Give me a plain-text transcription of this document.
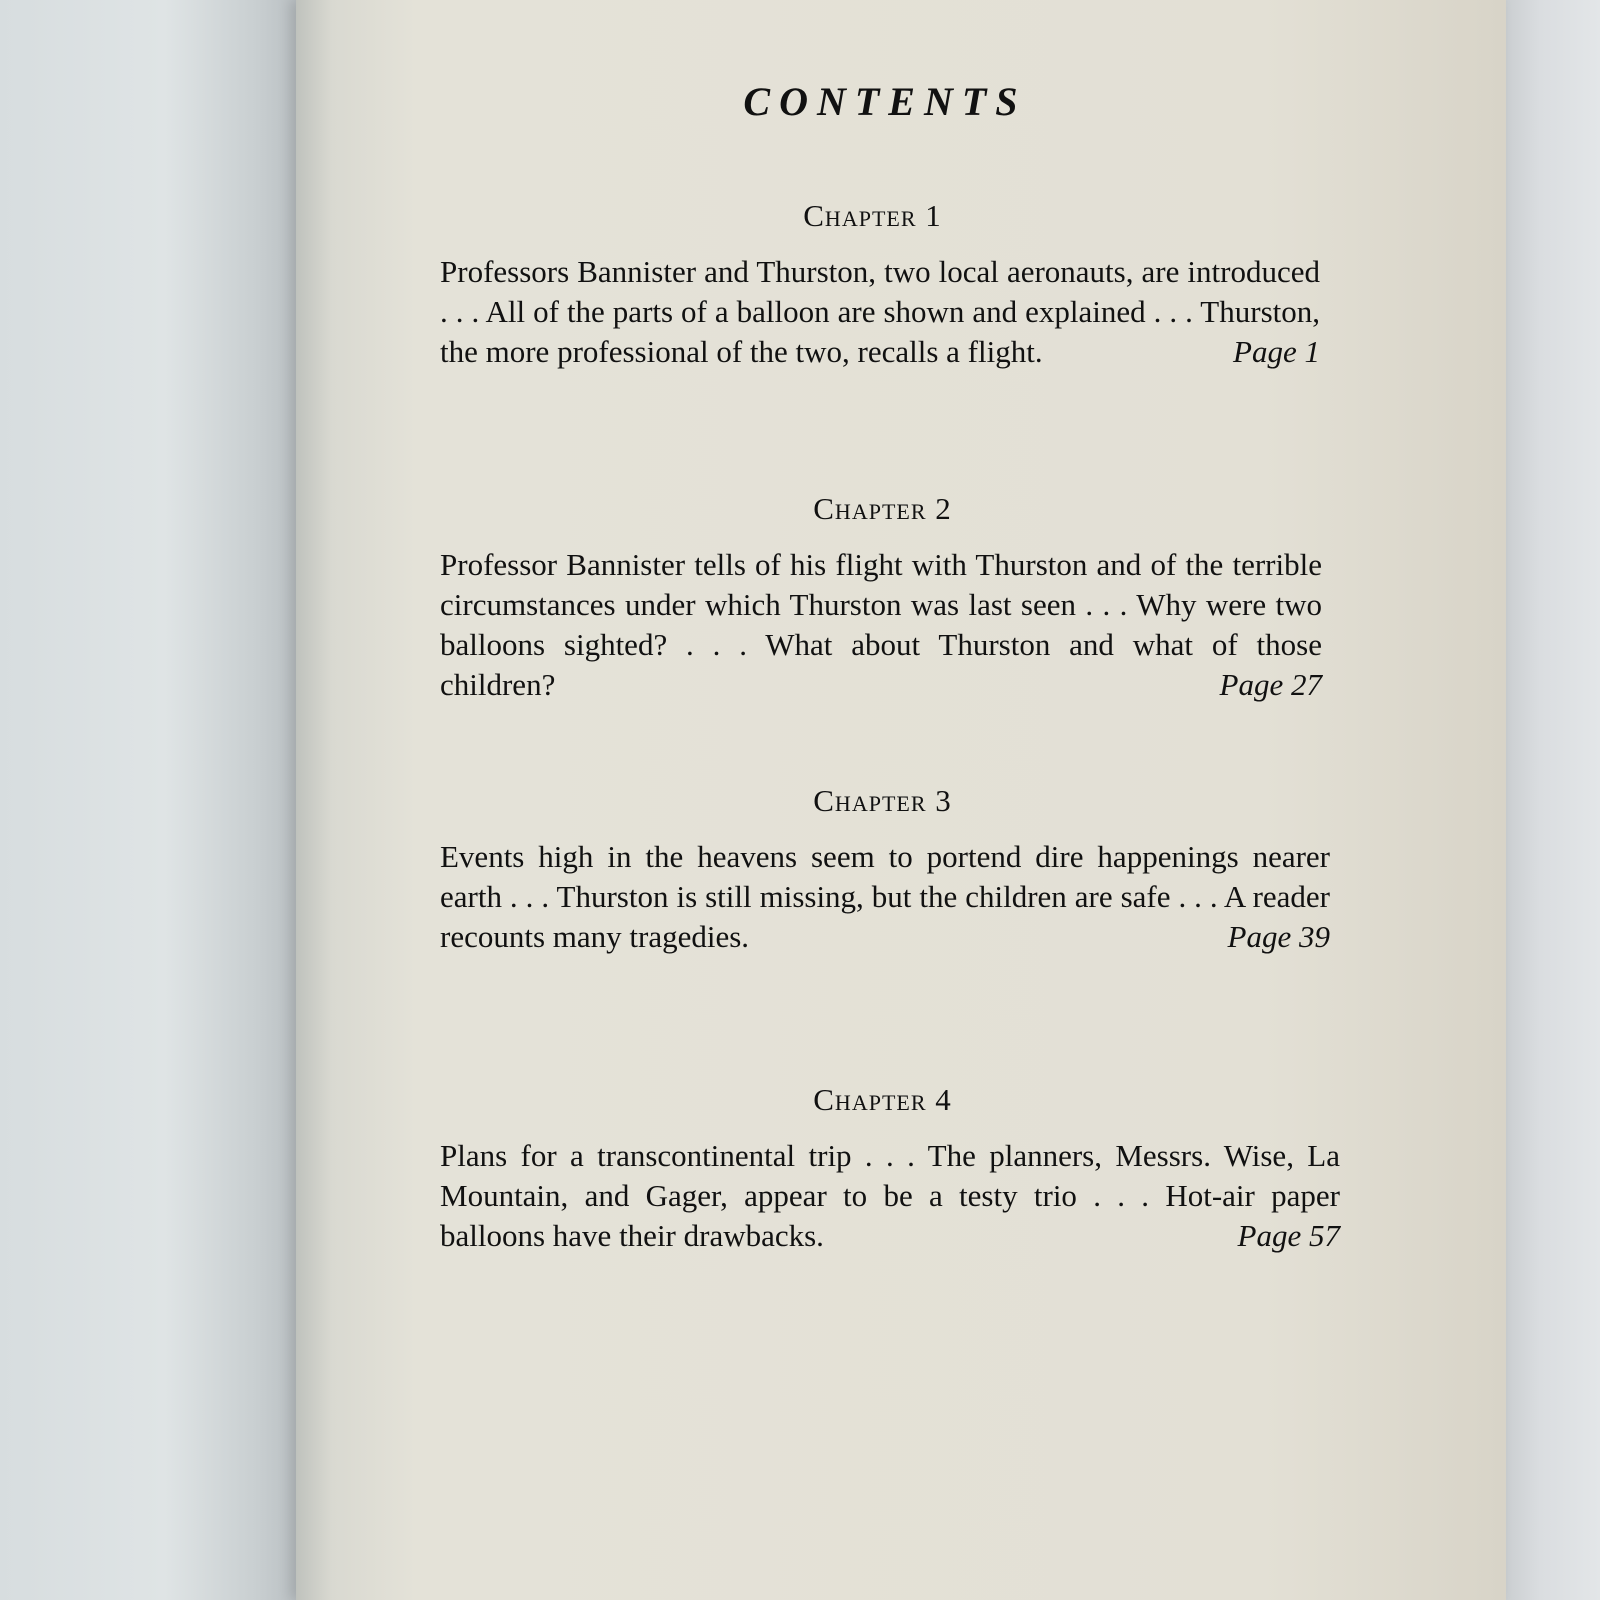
CONTENTS
Chapter 1
Professors Bannister and Thurston, two local aeronauts, are introduced . . . All of the parts of a balloon are shown and explained . . . Thurston, the more professional of the two, recalls a flight.	Page 1
Chapter 2
Professor Bannister tells of his flight with Thurston and of the terrible circumstances under which Thurston was last seen . . . Why were two balloons sighted? . . . What about Thurston and what of those children?	Page 27
Chapter 3
Events high in the heavens seem to portend dire happenings nearer earth . . . Thurston is still missing, but the children are safe . . . A reader recounts many tragedies.	Page 39
Chapter 4
Plans for a transcontinental trip . . . The planners, Messrs. Wise, La Mountain, and Gager, appear to be a testy trio . . . Hot-air paper balloons have their drawbacks.	Page 57
